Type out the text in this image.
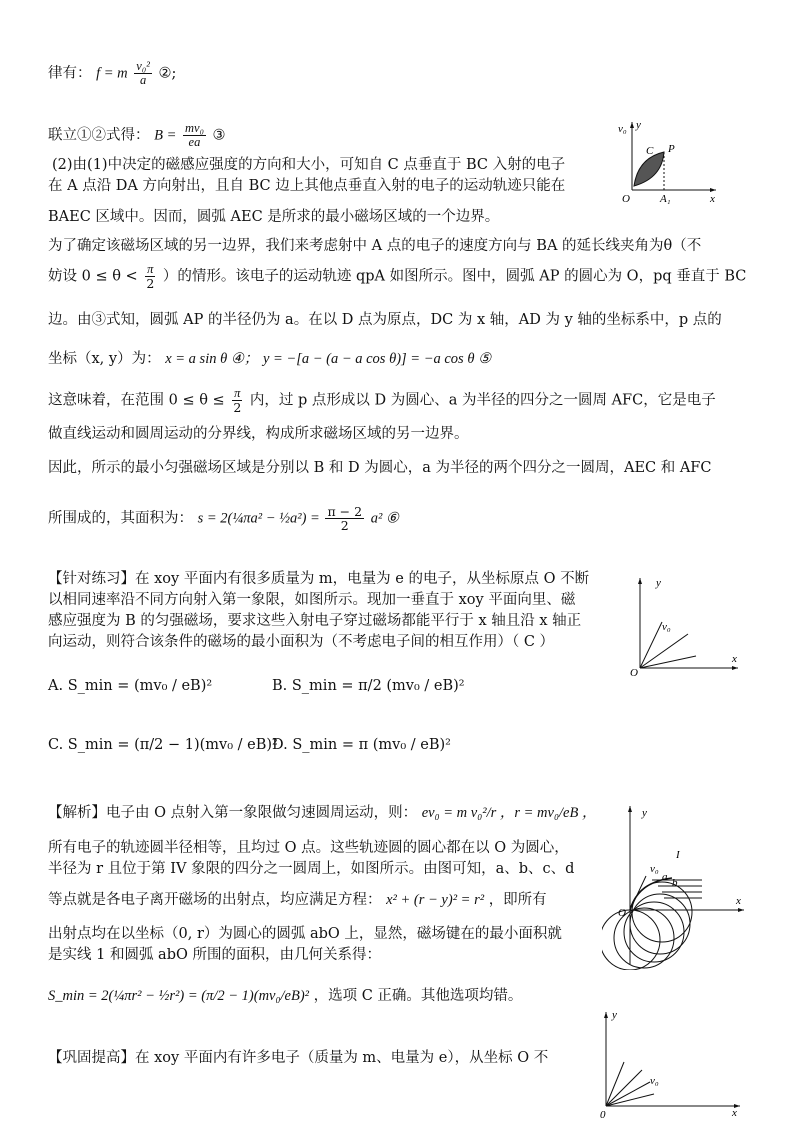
律有： f = m $\frac{\text{v₀²}}{a}$ ②;
联立①②式得： $B = \frac{\text{mv₀}}{ea}$ ③
(2)由(1)中决定的磁感应强度的方向和大小，可知自 C 点垂直于 BC 入射的电子
在 A 点沿 DA 方向射出，且自 BC 边上其他点垂直入射的电子的运动轨迹只能在
BAEC 区域中。因而，圆弧 AEC 是所求的最小磁场区域的一个边界。
为了确定该磁场区域的另一边界，我们来考虑射中 A 点的电子的速度方向与 BA 的延长线夹角为θ（不
妨设 $0 \le \theta < \frac{\pi}{2}$ ）的情形。该电子的运动轨迹 qpA 如图所示。图中，圆弧 AP 的圆心为 O，pq 垂直于 BC
边。由③式知，圆弧 AP 的半径仍为 a。在以 D 点为原点，DC 为 x 轴，AD 为 y 轴的坐标系中，p 点的
坐标（x, y）为： x = a sin θ ④； y = −[a − (a − a cos θ)] = −a cos θ ⑤
这意味着，在范围 $0 \le \theta \le \frac{\pi}{2}$ 内，过 p 点形成以 D 为圆心、a 为半径的四分之一圆周 AFC，它是电子
做直线运动和圆周运动的分界线，构成所求磁场区域的另一边界。
因此，所示的最小匀强磁场区域是分别以 B 和 D 为圆心，a 为半径的两个四分之一圆周，AEC 和 AFC
所围成的，其面积为： s = 2(¼πa² − ½a²) = $\frac{\pi - 2}{2} a^2$ ⑥
【针对练习】在 xoy 平面内有很多质量为 m，电量为 e 的电子，从坐标原点 O 不断
以相同速率沿不同方向射入第一象限，如图所示。现加一垂直于 xoy 平面向里、磁
感应强度为 B 的匀强磁场，要求这些入射电子穿过磁场都能平行于 x 轴且沿 x 轴正
向运动，则符合该条件的磁场的最小面积为（不考虑电子间的相互作用）（ C ）
A. S_min = (mv₀ / eB)²	B. S_min = π/2 (mv₀ / eB)²
C. S_min = (π/2 − 1)(mv₀ / eB)²
D. S_min = π (mv₀ / eB)²
【解析】电子由 O 点射入第一象限做匀速圆周运动，则： ev₀ = m v₀²/r ，r = mv₀/eB ，
所有电子的轨迹圆半径相等，且均过 O 点。这些轨迹圆的圆心都在以 O 为圆心，
半径为 r 且位于第 IV 象限的四分之一圆周上，如图所示。由图可知，a、b、c、d
等点就是各电子离开磁场的出射点，均应满足方程： x² + (r − y)² = r² ，即所有
出射点均在以坐标（0, r）为圆心的圆弧 abO 上，显然，磁场键在的最小面积就
是实线 1 和圆弧 abO 所围的面积，由几何关系得：
S_min = 2(¼πr² − ½r²) = (π/2 − 1)(mv₀/eB)² ，选项 C 正确。其他选项均错。
【巩固提高】在 xoy 平面内有许多电子（质量为 m、电量为 e），从坐标 O 不
v₀ y
C P
O	A₁	x
y
v₀
O
x
y
I
v₀
a b
O
x
y
v₀
0	x
